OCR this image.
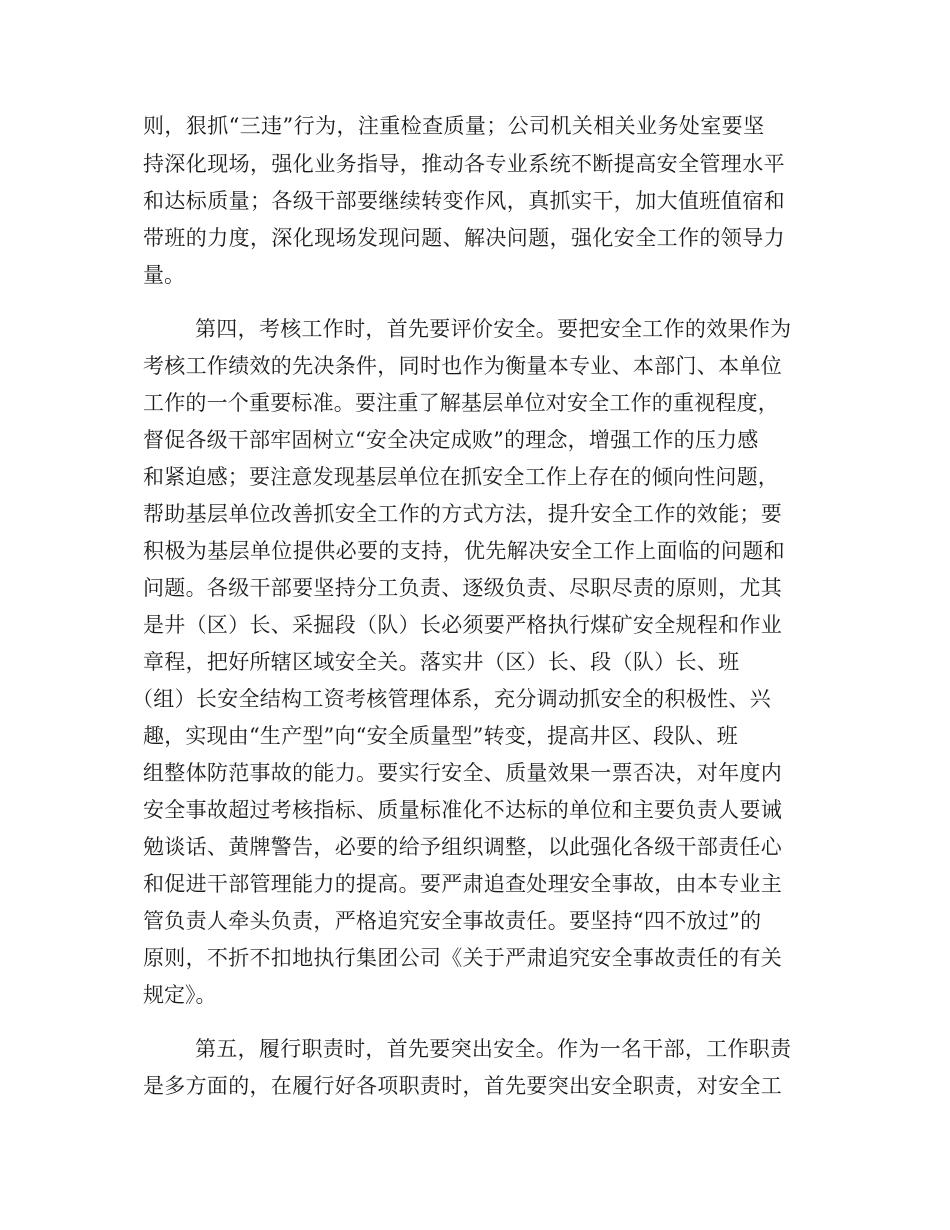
则，狠抓“三违”行为，注重检查质量；公司机关相关业务处室要坚

持深化现场，强化业务指导，推动各专业系统不断提高安全管理水平

和达标质量；各级干部要继续转变作风，真抓实干，加大值班值宿和

带班的力度，深化现场发现问题、解决问题，强化安全工作的领导力

量。

第四，考核工作时，首先要评价安全。要把安全工作的效果作为

考核工作绩效的先决条件，同时也作为衡量本专业、本部门、本单位

工作的一个重要标准。要注重了解基层单位对安全工作的重视程度，

督促各级干部牢固树立“安全决定成败”的理念，增强工作的压力感

和紧迫感；要注意发现基层单位在抓安全工作上存在的倾向性问题，

帮助基层单位改善抓安全工作的方式方法，提升安全工作的效能；要

积极为基层单位提供必要的支持，优先解决安全工作上面临的问题和

问题。各级干部要坚持分工负责、逐级负责、尽职尽责的原则，尤其

是井（区）长、采掘段（队）长必须要严格执行煤矿安全规程和作业

章程，把好所辖区域安全关。落实井（区）长、段（队）长、班

（组）长安全结构工资考核管理体系，充分调动抓安全的积极性、兴

趣，实现由“生产型”向“安全质量型”转变，提高井区、段队、班

组整体防范事故的能力。要实行安全、质量效果一票否决，对年度内

安全事故超过考核指标、质量标准化不达标的单位和主要负责人要诫

勉谈话、黄牌警告，必要的给予组织调整，以此强化各级干部责任心

和促进干部管理能力的提高。要严肃追查处理安全事故，由本专业主

管负责人牵头负责，严格追究安全事故责任。要坚持“四不放过”的

原则，不折不扣地执行集团公司《关于严肃追究安全事故责任的有关

规定》。

第五，履行职责时，首先要突出安全。作为一名干部，工作职责

是多方面的，在履行好各项职责时，首先要突出安全职责，对安全工
